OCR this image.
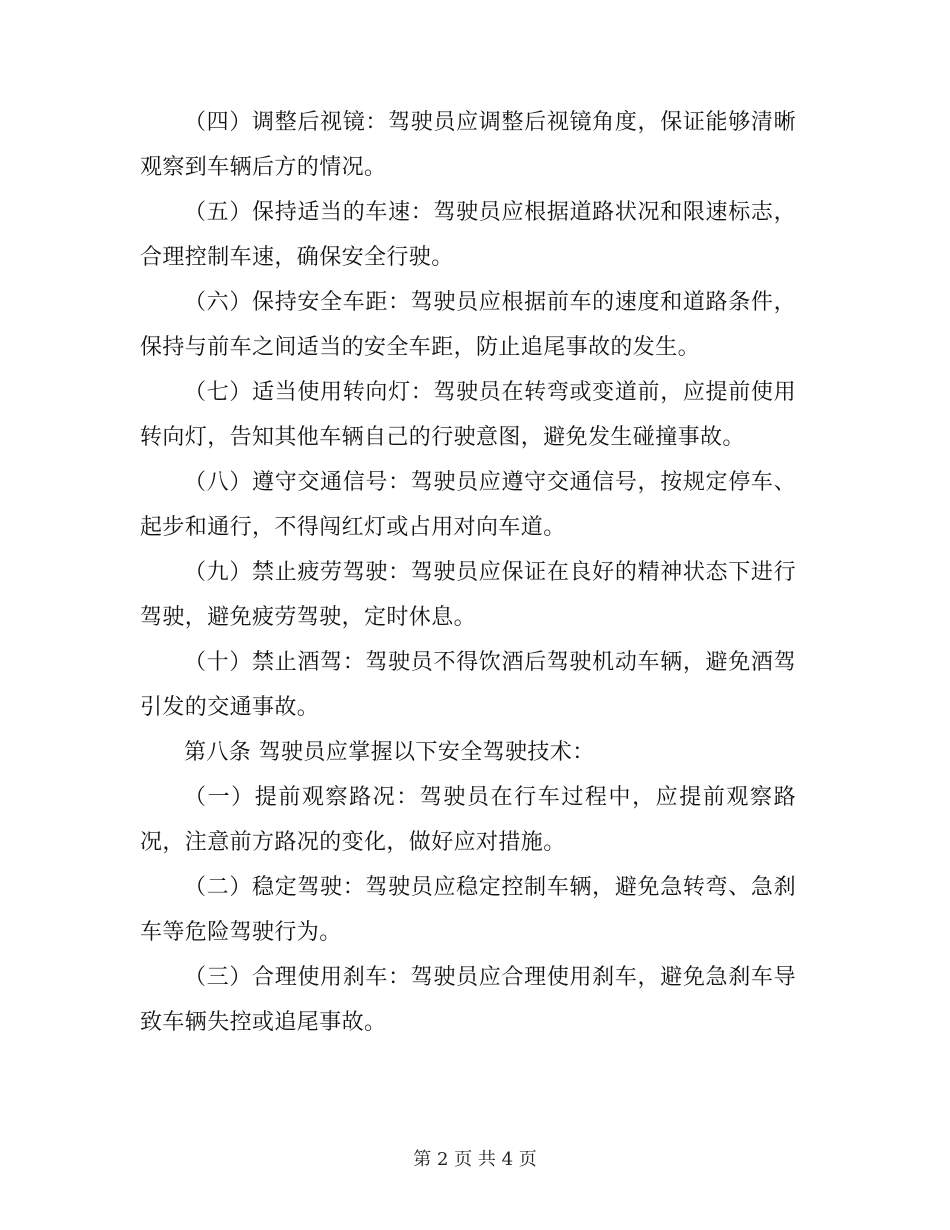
（四）调整后视镜：驾驶员应调整后视镜角度，保证能够清晰观察到车辆后方的情况。

（五）保持适当的车速：驾驶员应根据道路状况和限速标志，合理控制车速，确保安全行驶。

（六）保持安全车距：驾驶员应根据前车的速度和道路条件，保持与前车之间适当的安全车距，防止追尾事故的发生。

（七）适当使用转向灯：驾驶员在转弯或变道前，应提前使用转向灯，告知其他车辆自己的行驶意图，避免发生碰撞事故。

（八）遵守交通信号：驾驶员应遵守交通信号，按规定停车、起步和通行，不得闯红灯或占用对向车道。

（九）禁止疲劳驾驶：驾驶员应保证在良好的精神状态下进行驾驶，避免疲劳驾驶，定时休息。

（十）禁止酒驾：驾驶员不得饮酒后驾驶机动车辆，避免酒驾引发的交通事故。

第八条 驾驶员应掌握以下安全驾驶技术：

（一）提前观察路况：驾驶员在行车过程中，应提前观察路况，注意前方路况的变化，做好应对措施。

（二）稳定驾驶：驾驶员应稳定控制车辆，避免急转弯、急刹车等危险驾驶行为。

（三）合理使用刹车：驾驶员应合理使用刹车，避免急刹车导致车辆失控或追尾事故。

第 2 页 共 4 页
